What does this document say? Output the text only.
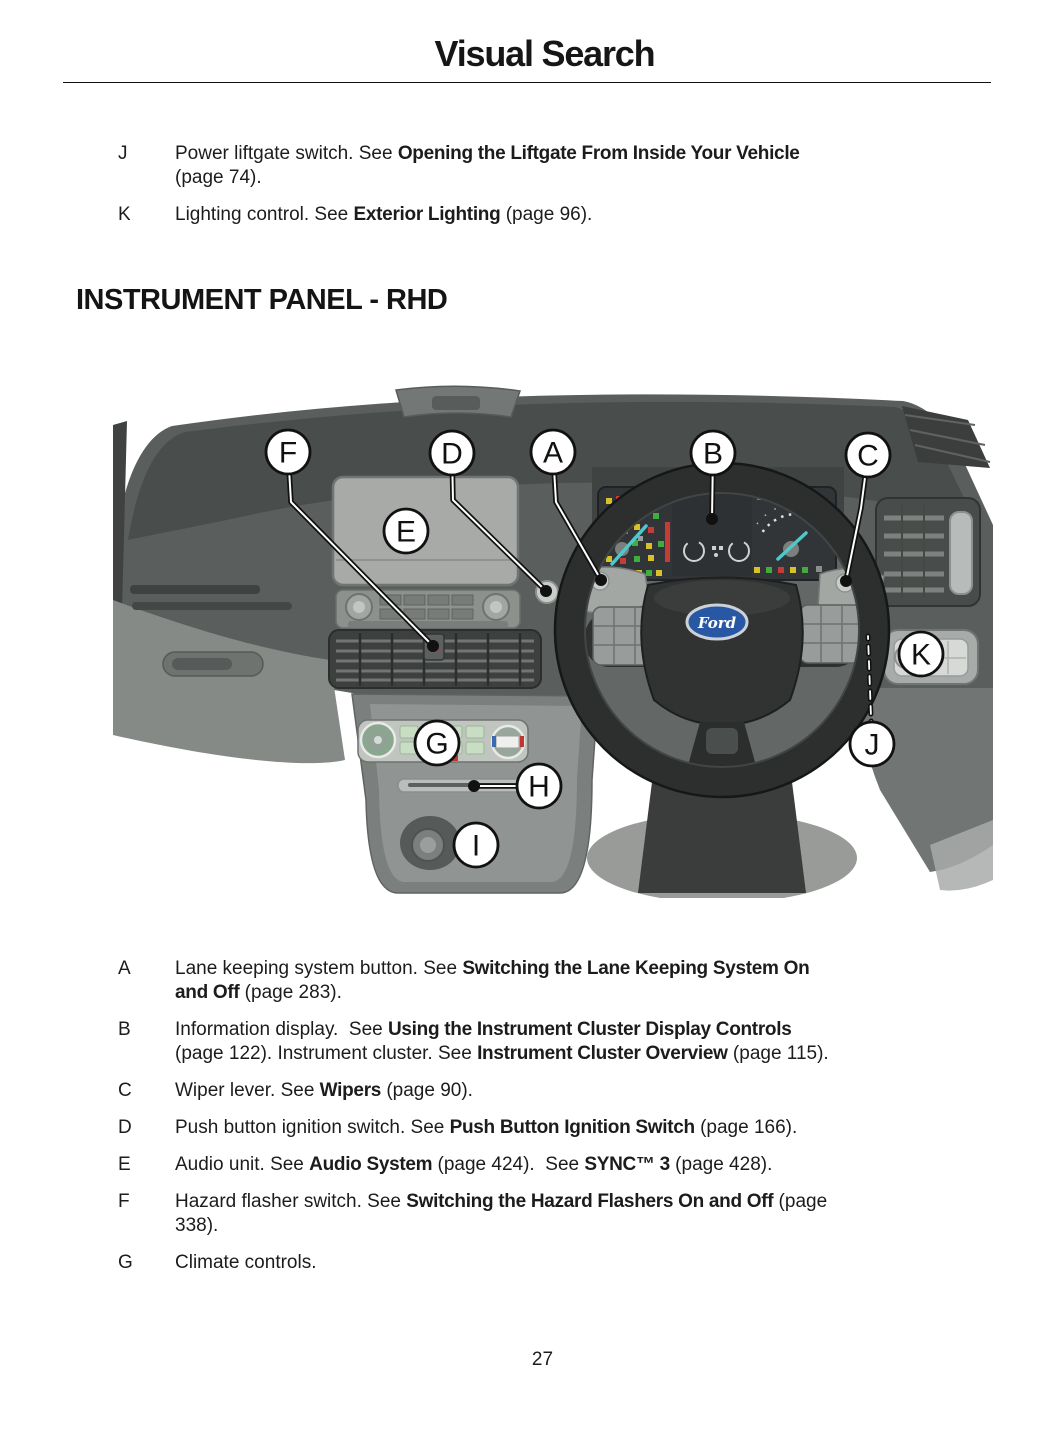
Visual Search
J	Power liftgate switch. See Opening the Liftgate From Inside Your Vehicle
(page 74).
K	Lighting control. See Exterior Lighting (page 96).
INSTRUMENT PANEL - RHD
Ford
F	D	A	B	C
E
K
J
G
H
I
A	Lane keeping system button. See Switching the Lane Keeping System On
and Off (page 283).
B	Information display.  See Using the Instrument Cluster Display Controls
(page 122). Instrument cluster. See Instrument Cluster Overview (page 115).
C	Wiper lever. See Wipers (page 90).
D	Push button ignition switch. See Push Button Ignition Switch (page 166).
E	Audio unit. See Audio System (page 424).  See SYNC™ 3 (page 428).
F	Hazard flasher switch. See Switching the Hazard Flashers On and Off (page
338).
G	Climate controls.
27
